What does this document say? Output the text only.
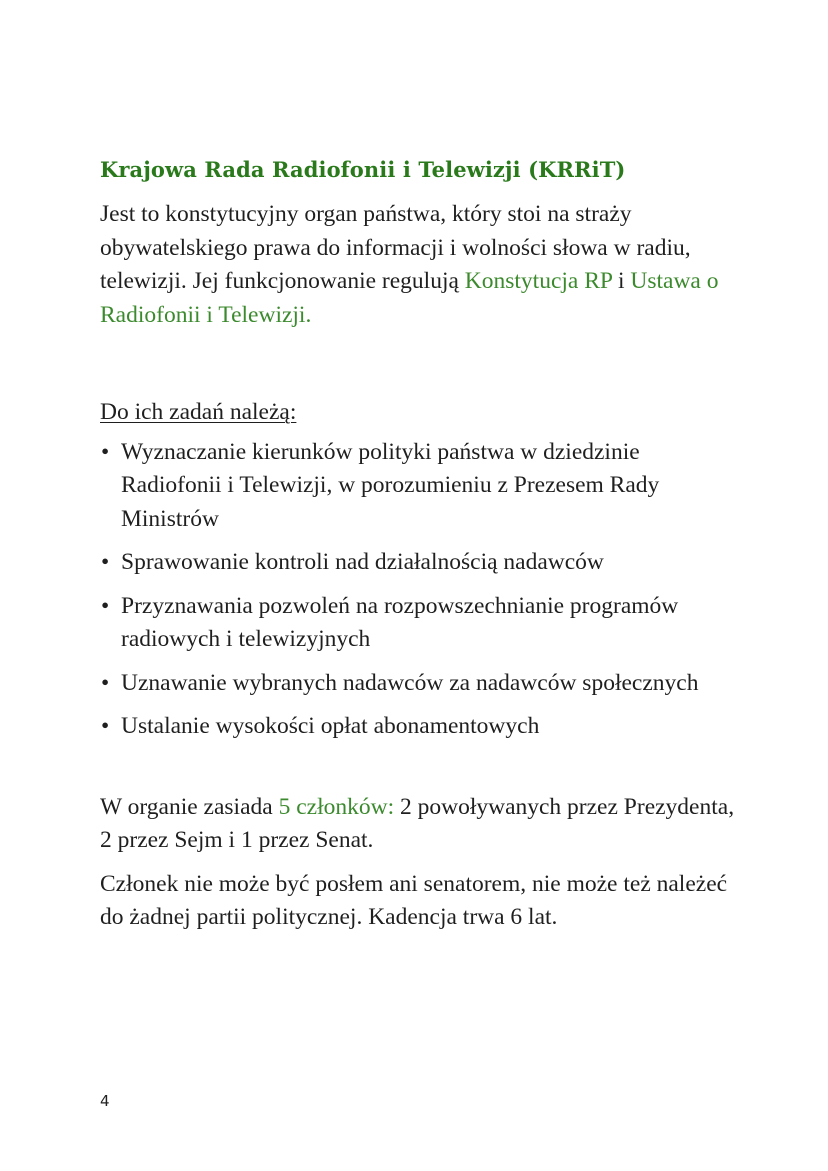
Krajowa Rada Radiofonii i Telewizji (KRRiT)

Jest to konstytucyjny organ państwa, który stoi na straży obywatelskiego prawa do informacji i wolności słowa w radiu, telewizji. Jej funkcjonowanie regulują Konstytucja RP i Ustawa o Radiofonii i Telewizji.

Do ich zadań należą:

• Wyznaczanie kierunków polityki państwa w dziedzinie Radiofonii i Telewizji, w porozumieniu z Prezesem Rady Ministrów
• Sprawowanie kontroli nad działalnością nadawców
• Przyznawania pozwoleń na rozpowszechnianie programów radiowych i telewizyjnych
• Uznawanie wybranych nadawców za nadawców społecznych
• Ustalanie wysokości opłat abonamentowych

W organie zasiada 5 członków: 2 powoływanych przez Prezydenta, 2 przez Sejm i 1 przez Senat.

Członek nie może być posłem ani senatorem, nie może też należeć do żadnej partii politycznej. Kadencja trwa 6 lat.

4
